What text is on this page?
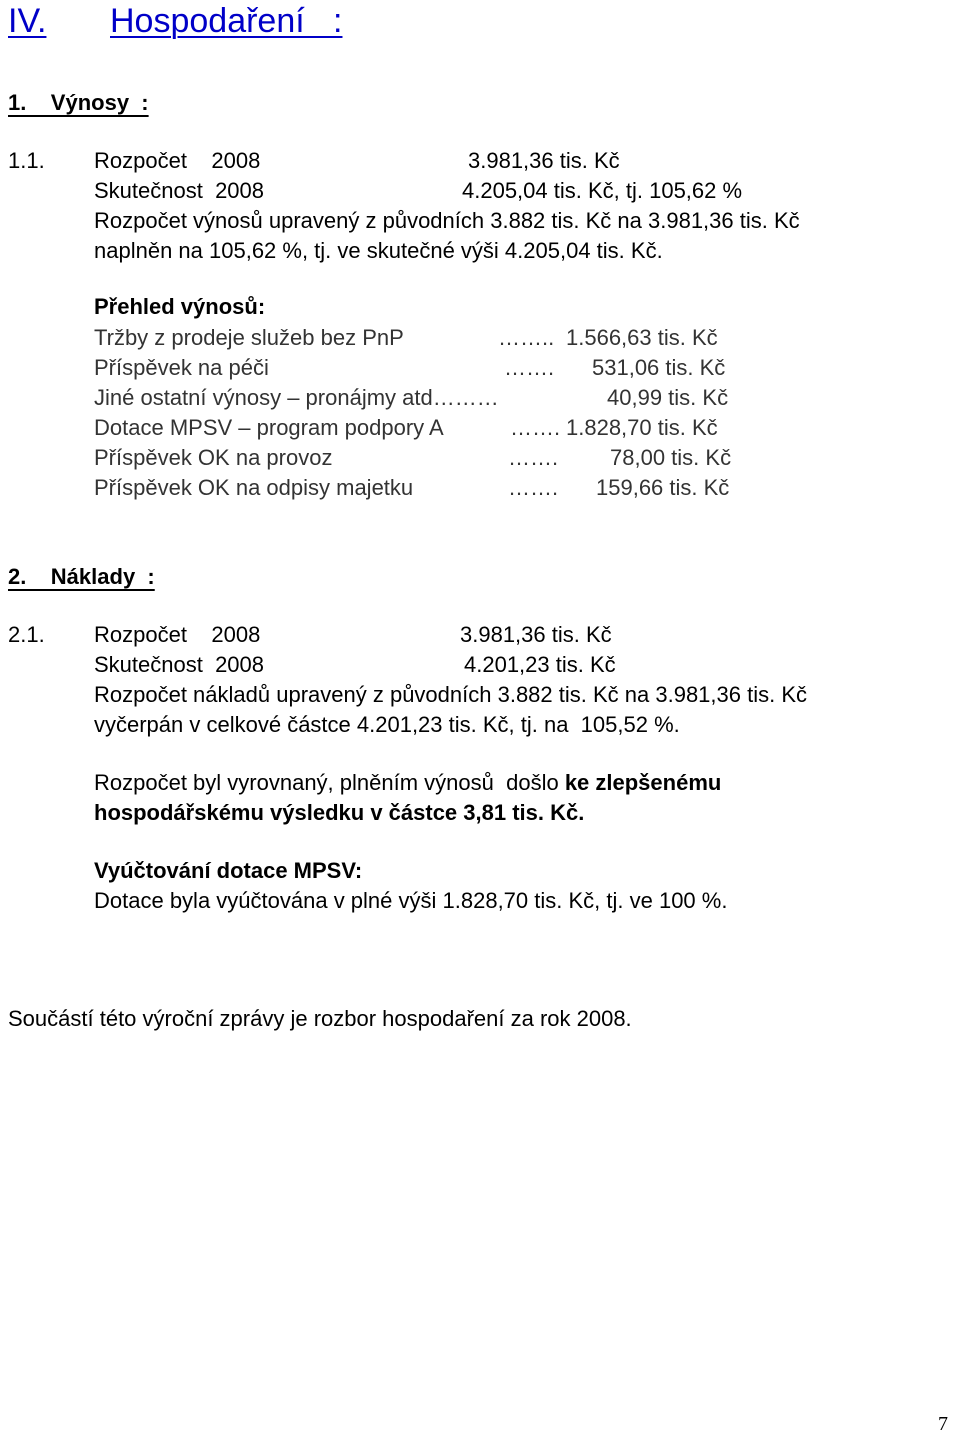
IV. Hospodaření   :
1.    Výnosy  :
1.1. Rozpočet    2008	3.981,36 tis. Kč
Skutečnost  2008	4.205,04 tis. Kč, tj. 105,62 %
Rozpočet výnosů upravený z původních 3.882 tis. Kč na 3.981,36 tis. Kč
naplněn na 105,62 %, tj. ve skutečné výši 4.205,04 tis. Kč.
Přehled výnosů:
Tržby z prodeje služeb bez PnP	…….. 1.566,63 tis. Kč
Příspěvek na péči	……. 531,06 tis. Kč
Jiné ostatní výnosy – pronájmy atd………	40,99 tis. Kč
Dotace MPSV – program podpory A	……. 1.828,70 tis. Kč
Příspěvek OK na provoz	……. 78,00 tis. Kč
Příspěvek OK na odpisy majetku	……. 159,66 tis. Kč
2.    Náklady  :
2.1. Rozpočet    2008	3.981,36 tis. Kč
Skutečnost  2008	4.201,23 tis. Kč
Rozpočet nákladů upravený z původních 3.882 tis. Kč na 3.981,36 tis. Kč
vyčerpán v celkové částce 4.201,23 tis. Kč, tj. na  105,52 %.
Rozpočet byl vyrovnaný, plněním výnosů  došlo ke zlepšenému
hospodářskému výsledku v částce 3,81 tis. Kč.
Vyúčtování dotace MPSV:
Dotace byla vyúčtována v plné výši 1.828,70 tis. Kč, tj. ve 100 %.
Součástí této výroční zprávy je rozbor hospodaření za rok 2008.
7
